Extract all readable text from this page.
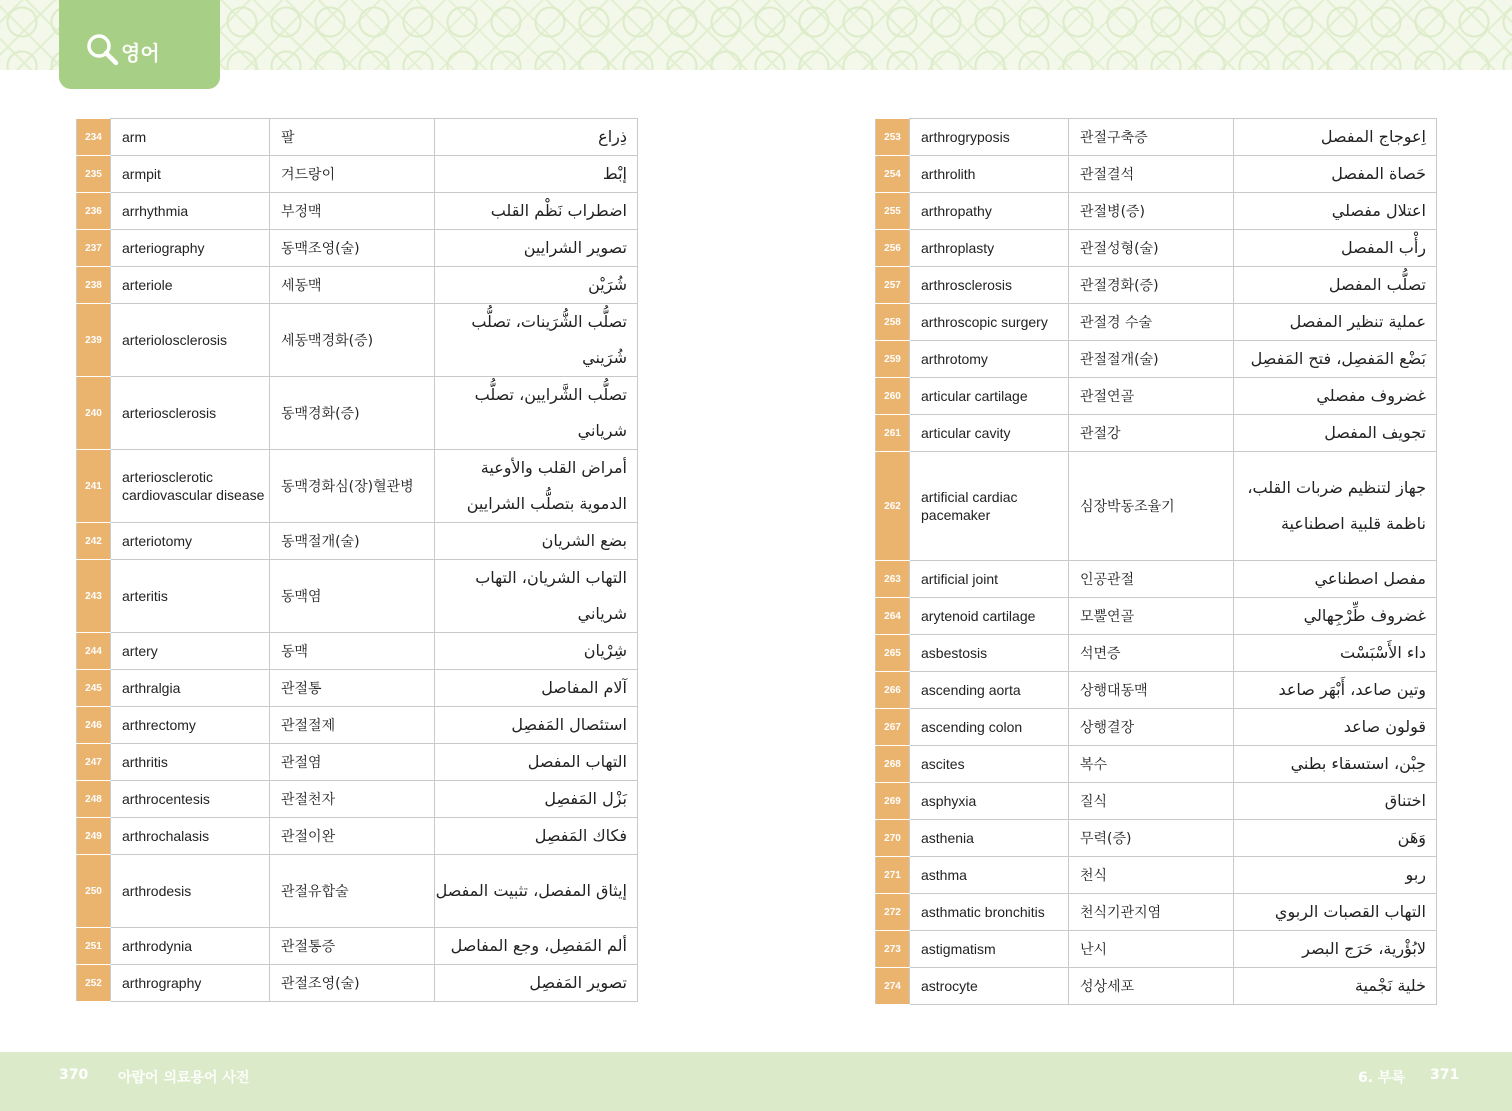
영어
234	arm	팔	ذِراع
235	armpit	겨드랑이	إبْط
236	arrhythmia	부정맥	اضطراب نَظْم القلب
237	arteriography	동맥조영(술)	تصوير الشرايين
238	arteriole	세동맥	شُرَيْن
239	arteriolosclerosis	세동맥경화(증)	تصلُّب الشُّرَينات، تصلُّب شُرَيني
240	arteriosclerosis	동맥경화(증)	تصلُّب الشَّرايين، تصلُّب شرياني
241	arteriosclerotic cardiovascular disease	동맥경화심(장)혈관병	أمراض القلب والأوعية الدموية بتصلُّب الشرايين
242	arteriotomy	동맥절개(술)	بضع الشريان
243	arteritis	동맥염	التهاب الشريان، التهاب شرياني
244	artery	동맥	شِرْيان
245	arthralgia	관절통	آلام المفاصل
246	arthrectomy	관절절제	استئصال المَفصِل
247	arthritis	관절염	التهاب المفصل
248	arthrocentesis	관절천자	بَزْل المَفصِل
249	arthrochalasis	관절이완	فكاك المَفصِل
250	arthrodesis	관절유합술	إيثاق المفصل، تثبيت المفصل
251	arthrodynia	관절통증	ألم المَفصِل، وجع المفاصل
252	arthrography	관절조영(술)	تصوير المَفصِل
253	arthrogryposis	관절구축증	اِعوجاج المفصل
254	arthrolith	관절결석	حَصاة المفصل
255	arthropathy	관절병(증)	اعتلال مفصلي
256	arthroplasty	관절성형(술)	رأْب المفصل
257	arthrosclerosis	관절경화(증)	تصلُّب المفصل
258	arthroscopic surgery	관절경 수술	عملية تنظير المفصل
259	arthrotomy	관절절개(술)	بَضْع المَفصِل، فتح المَفصِل
260	articular cartilage	관절연골	غضروف مفصلي
261	articular cavity	관절강	تجويف المفصل
262	artificial cardiac pacemaker	심장박동조율기	جهاز لتنظيم ضربات القلب، ناظمة قلبية اصطناعية
263	artificial joint	인공관절	مفصل اصطناعي
264	arytenoid cartilage	모뿔연골	غضروف طِّرْجِهالي
265	asbestosis	석면증	داء الأَسْبَسْت
266	ascending aorta	상행대동맥	وتين صاعد، أَبْهَر صاعد
267	ascending colon	상행결장	قولون صاعد
268	ascites	복수	حِبْن، استسقاء بطني
269	asphyxia	질식	اختناق
270	asthenia	무력(증)	وَهَن
271	asthma	천식	ربو
272	asthmatic bronchitis	천식기관지염	التهاب القصبات الربوي
273	astigmatism	난시	لابُؤْرية، حَرَج البصر
274	astrocyte	성상세포	خلية نَجْمية
370 아랍어 의료용어 사전	6. 부록 371
